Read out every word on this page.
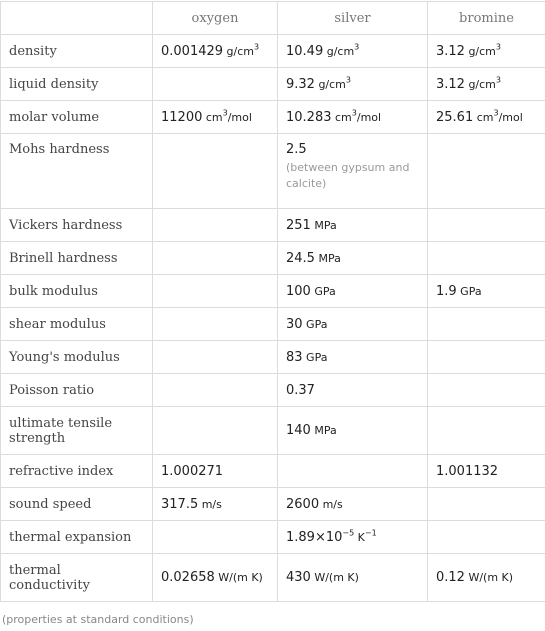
	oxygen	silver	bromine
density	0.001429 $g/cm^3$	10.49 $g/cm^3$	3.12 $g/cm^3$
liquid density		9.32 $g/cm^3$	3.12 $g/cm^3$
molar volume	11200 $cm^3$/mol	10.283 $cm^3$/mol	25.61 $cm^3$/mol
Mohs hardness		2.5
(between gypsum and calcite)	

Vickers hardness		251 MPa	
Brinell hardness		24.5 MPa	
bulk modulus		100 GPa	1.9 GPa
shear modulus		30 GPa	
Young's modulus		83 GPa	
Poisson ratio		0.37	
ultimate tensile strength		140 MPa	
refractive index	1.000271		1.001132
sound speed	317.5 m/s	2600 m/s	
thermal expansion		$1.89\times 10^{-5}$ $K^{-1}$	
thermal conductivity	0.02658 W/(m K)	430 W/(m K)	0.12 W/(m K)
(properties at standard conditions)
